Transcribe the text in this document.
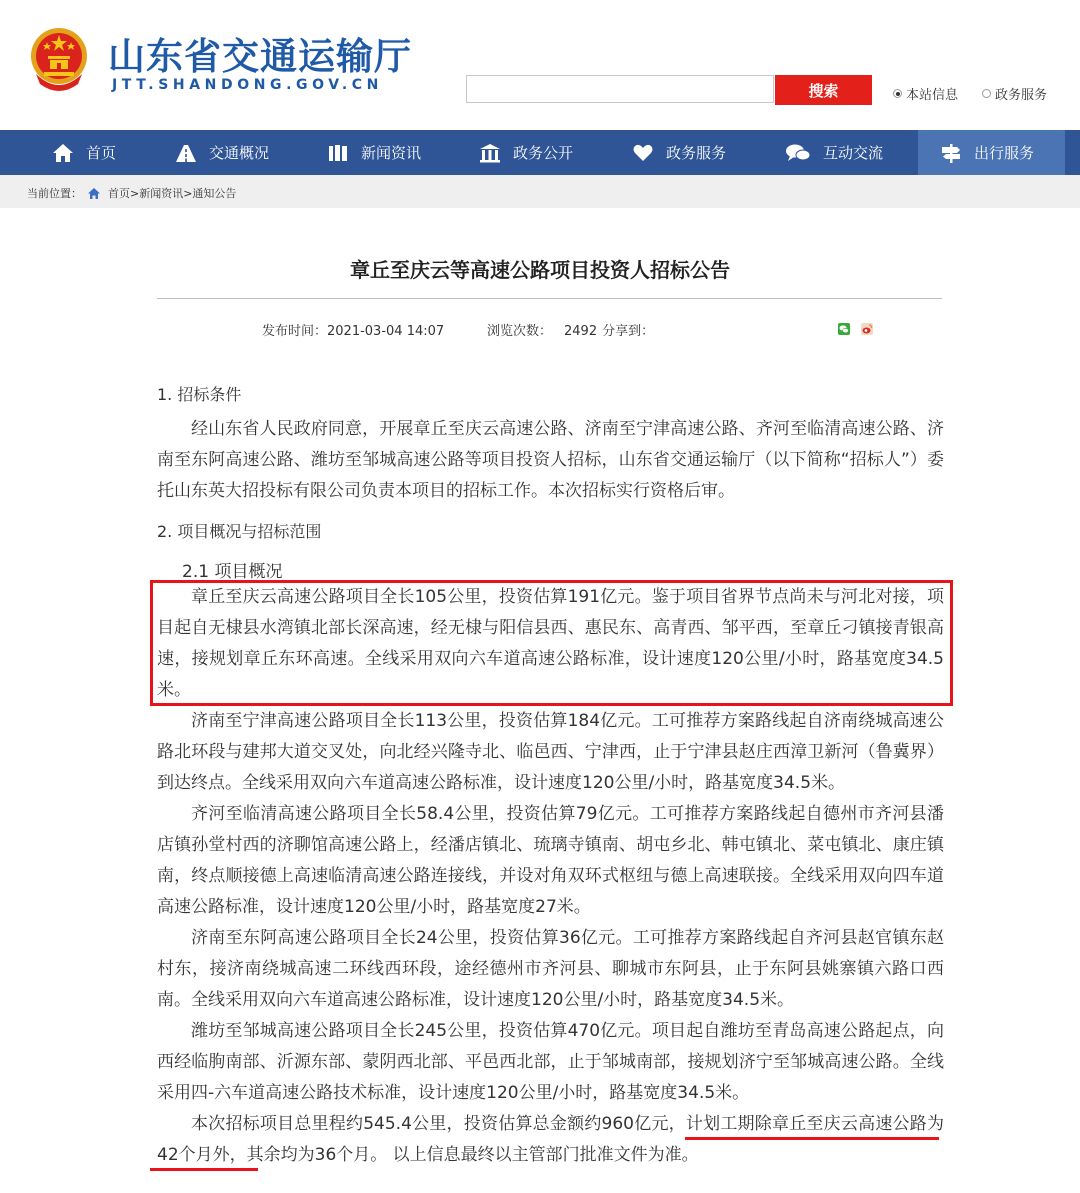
山东省交通运输厅
JTT.SHANDONG.GOV.CN	搜索	本站信息	政务服务
首页	交通概况	新闻资讯	政务公开	政务服务	互动交流	出行服务
当前位置： 首页>新闻资讯>通知公告
章丘至庆云等高速公路项目投资人招标公告
发布时间：2021-03-04 14:07	浏览次数： 2492 分享到：
1. 招标条件
经山东省人民政府同意，开展章丘至庆云高速公路、济南至宁津高速公路、齐河至临清高速公路、济南至东阿高速公路、潍坊至邹城高速公路等项目投资人招标，山东省交通运输厅（以下简称“招标人”）委托山东英大招投标有限公司负责本项目的招标工作。本次招标实行资格后审。
2. 项目概况与招标范围
2.1 项目概况
章丘至庆云高速公路项目全长105公里，投资估算191亿元。鉴于项目省界节点尚未与河北对接，项目起自无棣县水湾镇北部长深高速，经无棣与阳信县西、惠民东、高青西、邹平西，至章丘刁镇接青银高速，接规划章丘东环高速。全线采用双向六车道高速公路标准，设计速度120公里/小时，路基宽度34.5米。
济南至宁津高速公路项目全长113公里，投资估算184亿元。工可推荐方案路线起自济南绕城高速公路北环段与建邦大道交叉处，向北经兴隆寺北、临邑西、宁津西，止于宁津县赵庄西漳卫新河（鲁冀界）到达终点。全线采用双向六车道高速公路标准，设计速度120公里/小时，路基宽度34.5米。
齐河至临清高速公路项目全长58.4公里，投资估算79亿元。工可推荐方案路线起自德州市齐河县潘店镇孙堂村西的济聊馆高速公路上，经潘店镇北、琉璃寺镇南、胡屯乡北、韩屯镇北、菜屯镇北、康庄镇南，终点顺接德上高速临清高速公路连接线，并设对角双环式枢纽与德上高速联接。全线采用双向四车道高速公路标准，设计速度120公里/小时，路基宽度27米。
济南至东阿高速公路项目全长24公里，投资估算36亿元。工可推荐方案路线起自齐河县赵官镇东赵村东，接济南绕城高速二环线西环段，途经德州市齐河县、聊城市东阿县，止于东阿县姚寨镇六路口西南。全线采用双向六车道高速公路标准，设计速度120公里/小时，路基宽度34.5米。
潍坊至邹城高速公路项目全长245公里，投资估算470亿元。项目起自潍坊至青岛高速公路起点，向西经临朐南部、沂源东部、蒙阴西北部、平邑西北部，止于邹城南部，接规划济宁至邹城高速公路。全线采用四-六车道高速公路技术标准，设计速度120公里/小时，路基宽度34.5米。
本次招标项目总里程约545.4公里，投资估算总金额约960亿元，计划工期除章丘至庆云高速公路为42个月外，其余均为36个月。 以上信息最终以主管部门批准文件为准。
